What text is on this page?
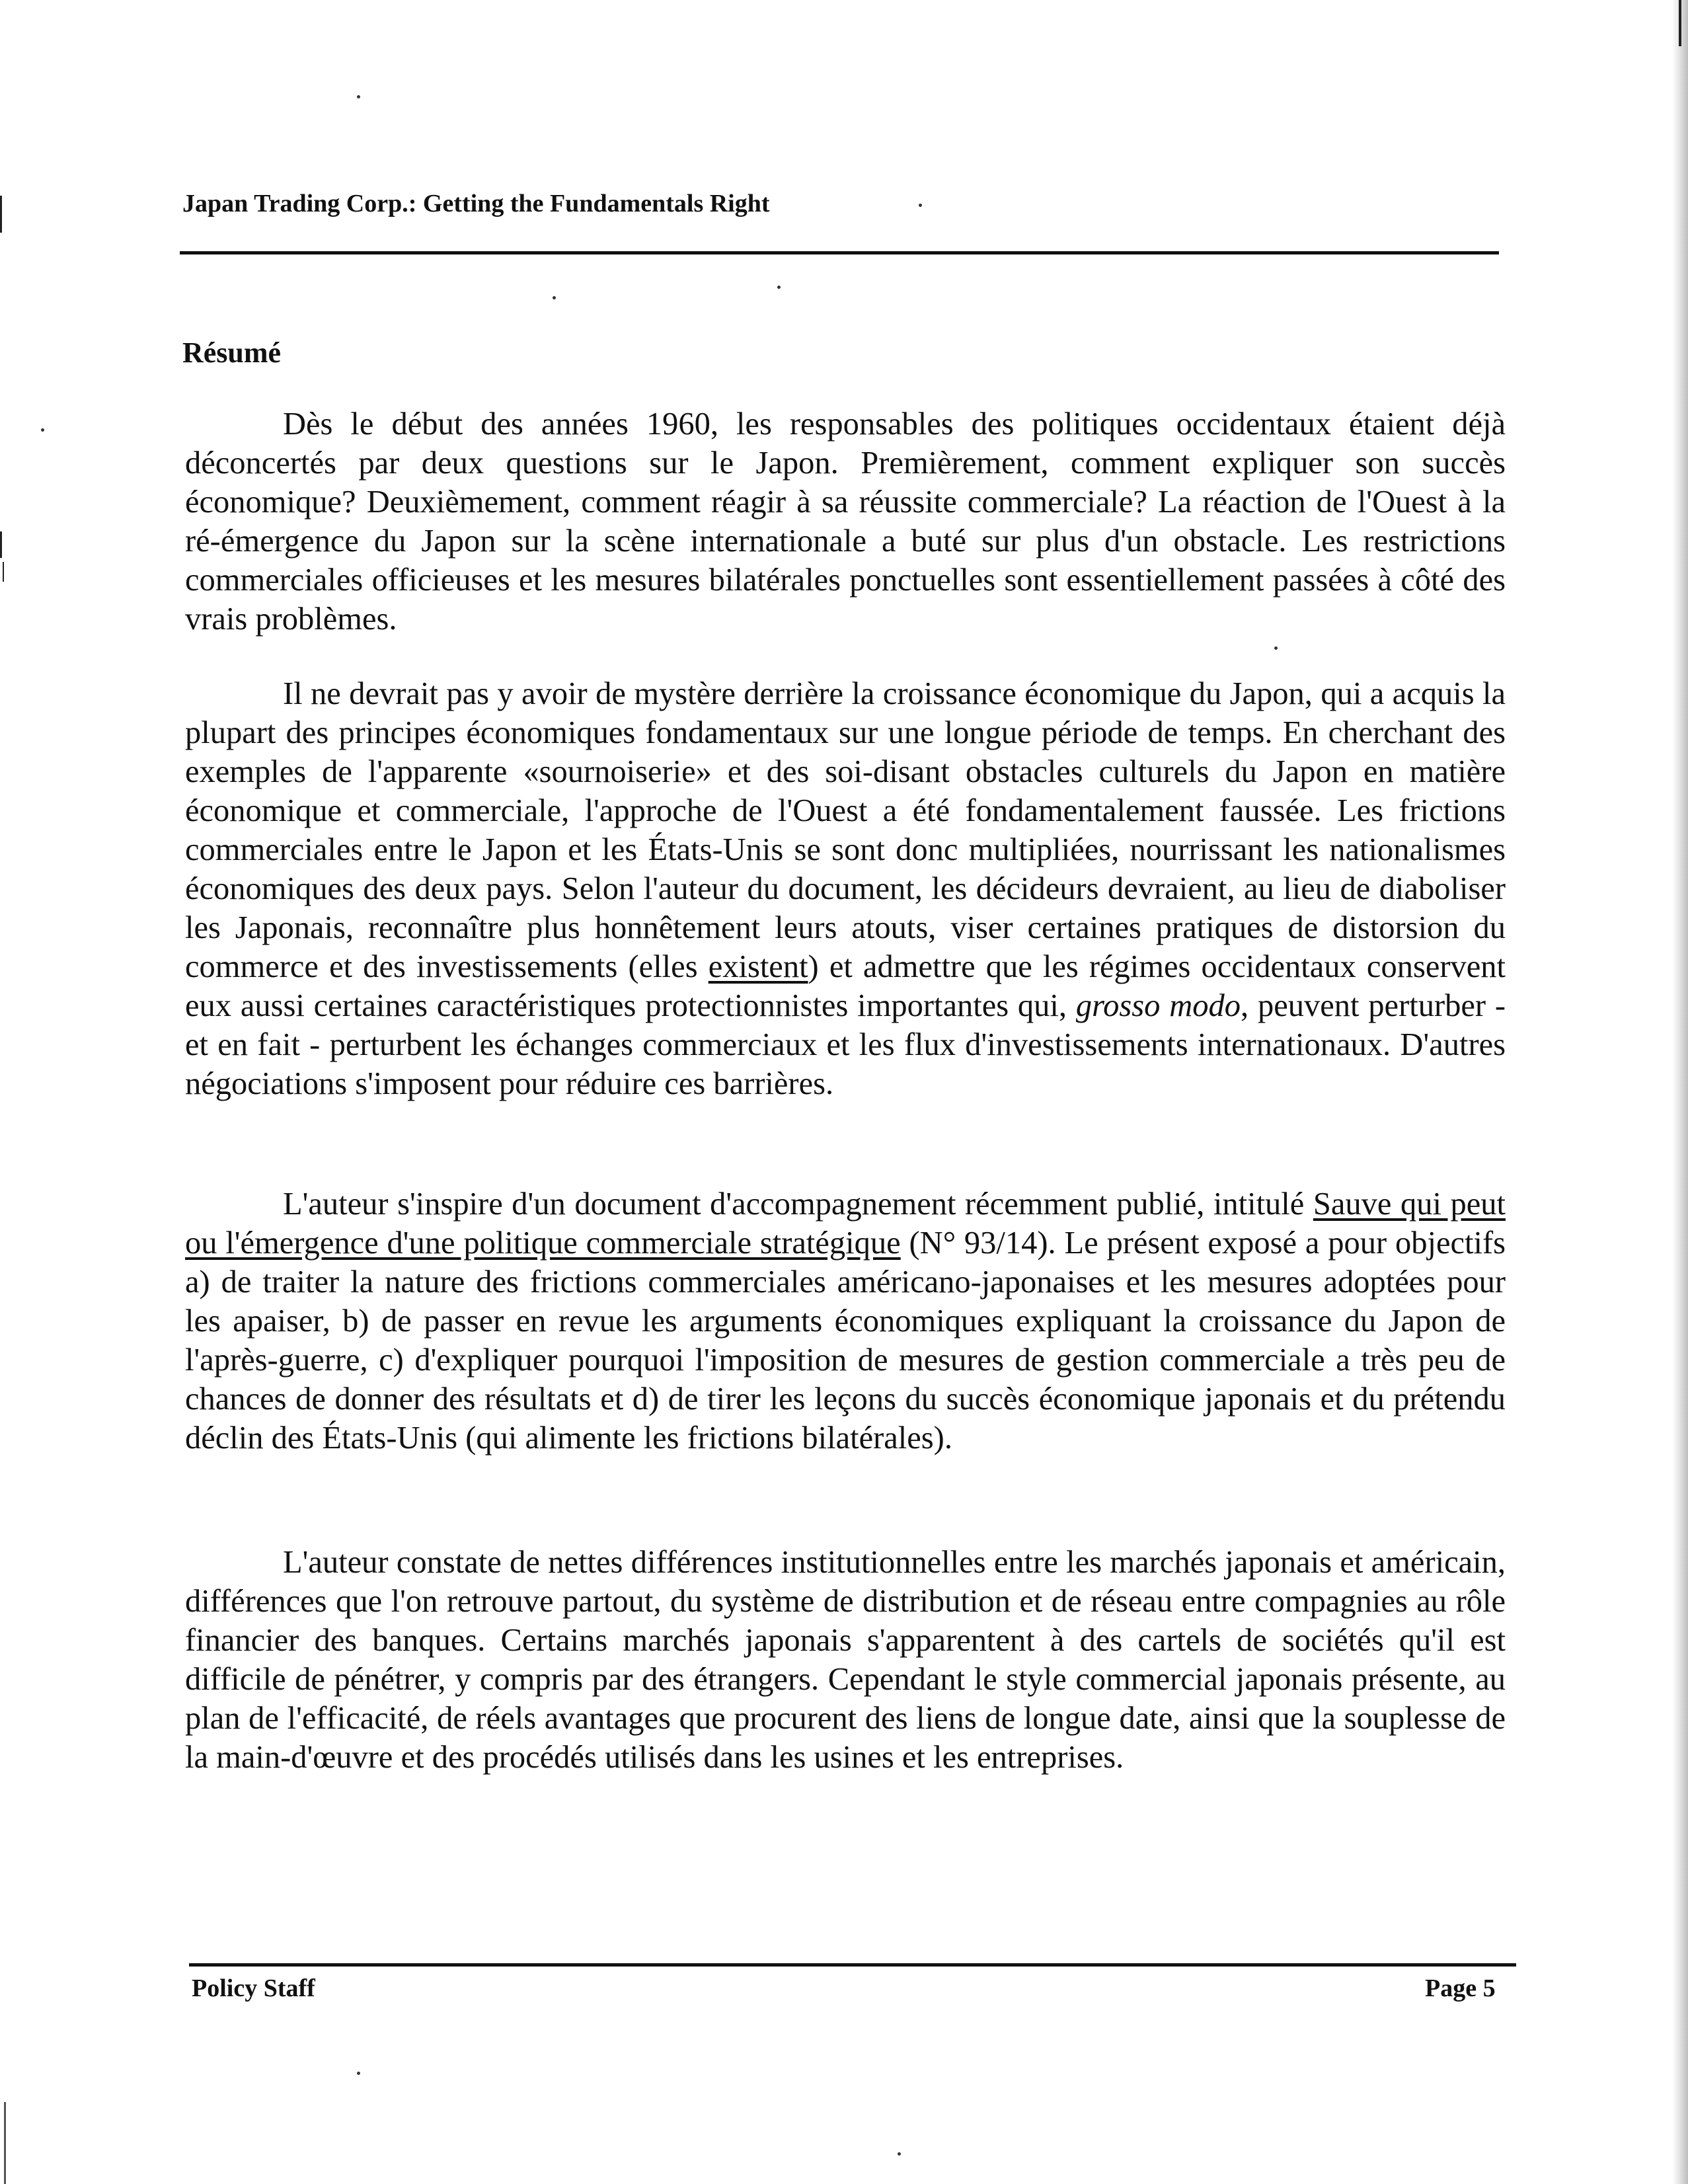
Japan Trading Corp.: Getting the Fundamentals Right
Résumé

Dès le début des années 1960, les responsables des politiques occidentaux étaient déjà déconcertés par deux questions sur le Japon. Premièrement, comment expliquer son succès économique? Deuxièmement, comment réagir à sa réussite commerciale? La réaction de l'Ouest à la ré-émergence du Japon sur la scène internationale a buté sur plus d'un obstacle. Les restrictions commerciales officieuses et les mesures bilatérales ponctuelles sont essentiellement passées à côté des vrais problèmes.

Il ne devrait pas y avoir de mystère derrière la croissance économique du Japon, qui a acquis la plupart des principes économiques fondamentaux sur une longue période de temps. En cherchant des exemples de l'apparente «sournoiserie» et des soi-disant obstacles culturels du Japon en matière économique et commerciale, l'approche de l'Ouest a été fondamentalement faussée. Les frictions commerciales entre le Japon et les États-Unis se sont donc multipliées, nourrissant les nationalismes économiques des deux pays. Selon l'auteur du document, les décideurs devraient, au lieu de diaboliser les Japonais, reconnaître plus honnêtement leurs atouts, viser certaines pratiques de distorsion du commerce et des investissements (elles existent) et admettre que les régimes occidentaux conservent eux aussi certaines caractéristiques protectionnistes importantes qui, grosso modo, peuvent perturber - et en fait - perturbent les échanges commerciaux et les flux d'investissements internationaux. D'autres négociations s'imposent pour réduire ces barrières.

L'auteur s'inspire d'un document d'accompagnement récemment publié, intitulé Sauve qui peut ou l'émergence d'une politique commerciale stratégique (N° 93/14). Le présent exposé a pour objectifs a) de traiter la nature des frictions commerciales américano-japonaises et les mesures adoptées pour les apaiser, b) de passer en revue les arguments économiques expliquant la croissance du Japon de l'après-guerre, c) d'expliquer pourquoi l'imposition de mesures de gestion commerciale a très peu de chances de donner des résultats et d) de tirer les leçons du succès économique japonais et du prétendu déclin des États-Unis (qui alimente les frictions bilatérales).

L'auteur constate de nettes différences institutionnelles entre les marchés japonais et américain, différences que l'on retrouve partout, du système de distribution et de réseau entre compagnies au rôle financier des banques. Certains marchés japonais s'apparentent à des cartels de sociétés qu'il est difficile de pénétrer, y compris par des étrangers. Cependant le style commercial japonais présente, au plan de l'efficacité, de réels avantages que procurent des liens de longue date, ainsi que la souplesse de la main-d'œuvre et des procédés utilisés dans les usines et les entreprises.

Policy Staff	Page 5
